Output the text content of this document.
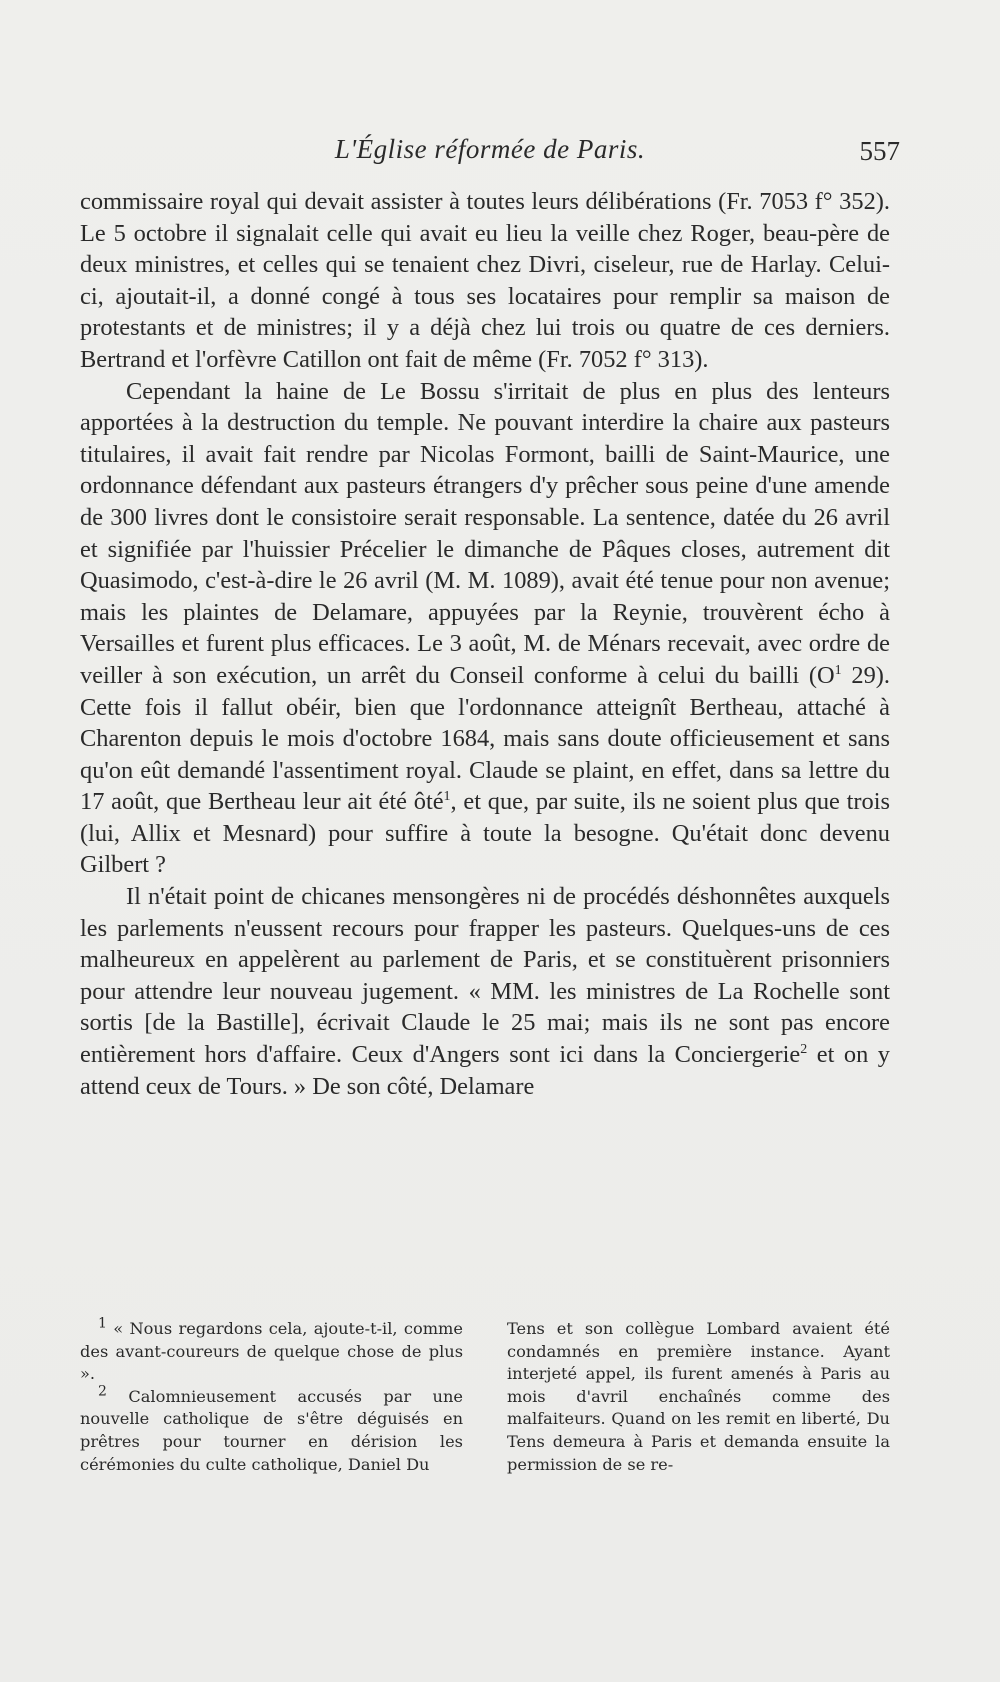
L'Église réformée de Paris.	557

commissaire royal qui devait assister à toutes leurs délibérations (Fr. 7053 f° 352). Le 5 octobre il signalait celle qui avait eu lieu la veille chez Roger, beau-père de deux ministres, et celles qui se tenaient chez Divri, ciseleur, rue de Harlay. Celui-ci, ajoutait-il, a donné congé à tous ses locataires pour remplir sa maison de protestants et de ministres; il y a déjà chez lui trois ou quatre de ces derniers. Bertrand et l'orfèvre Catillon ont fait de même (Fr. 7052 f° 313).

Cependant la haine de Le Bossu s'irritait de plus en plus des lenteurs apportées à la destruction du temple. Ne pouvant interdire la chaire aux pasteurs titulaires, il avait fait rendre par Nicolas Formont, bailli de Saint-Maurice, une ordonnance défendant aux pasteurs étrangers d'y prêcher sous peine d'une amende de 300 livres dont le consistoire serait responsable. La sentence, datée du 26 avril et signifiée par l'huissier Précelier le dimanche de Pâques closes, autrement dit Quasimodo, c'est-à-dire le 26 avril (M. M. 1089), avait été tenue pour non avenue; mais les plaintes de Delamare, appuyées par la Reynie, trouvèrent écho à Versailles et furent plus efficaces. Le 3 août, M. de Ménars recevait, avec ordre de veiller à son exécution, un arrêt du Conseil conforme à celui du bailli ($O^1$ 29). Cette fois il fallut obéir, bien que l'ordonnance atteignît Bertheau, attaché à Charenton depuis le mois d'octobre 1684, mais sans doute officieusement et sans qu'on eût demandé l'assentiment royal. Claude se plaint, en effet, dans sa lettre du 17 août, que Bertheau leur ait été ôté$^1$, et que, par suite, ils ne soient plus que trois (lui, Allix et Mesnard) pour suffire à toute la besogne. Qu'était donc devenu Gilbert ?

Il n'était point de chicanes mensongères ni de procédés déshonnêtes auxquels les parlements n'eussent recours pour frapper les pasteurs. Quelques-uns de ces malheureux en appelèrent au parlement de Paris, et se constituèrent prisonniers pour attendre leur nouveau jugement. « MM. les ministres de La Rochelle sont sortis [de la Bastille], écrivait Claude le 25 mai; mais ils ne sont pas encore entièrement hors d'affaire. Ceux d'Angers sont ici dans la Conciergerie$^2$ et on y attend ceux de Tours. » De son côté, Delamare

$^1$ « Nous regardons cela, ajoute-t-il, comme des avant-coureurs de quelque chose de plus ».

$^2$ Calomnieusement accusés par une nouvelle catholique de s'être déguisés en prêtres pour tourner en dérision les cérémonies du culte catholique, Daniel Du

Tens et son collègue Lombard avaient été condamnés en première instance. Ayant interjeté appel, ils furent amenés à Paris au mois d'avril enchaînés comme des malfaiteurs. Quand on les remit en liberté, Du Tens demeura à Paris et demanda ensuite la permission de se re-
